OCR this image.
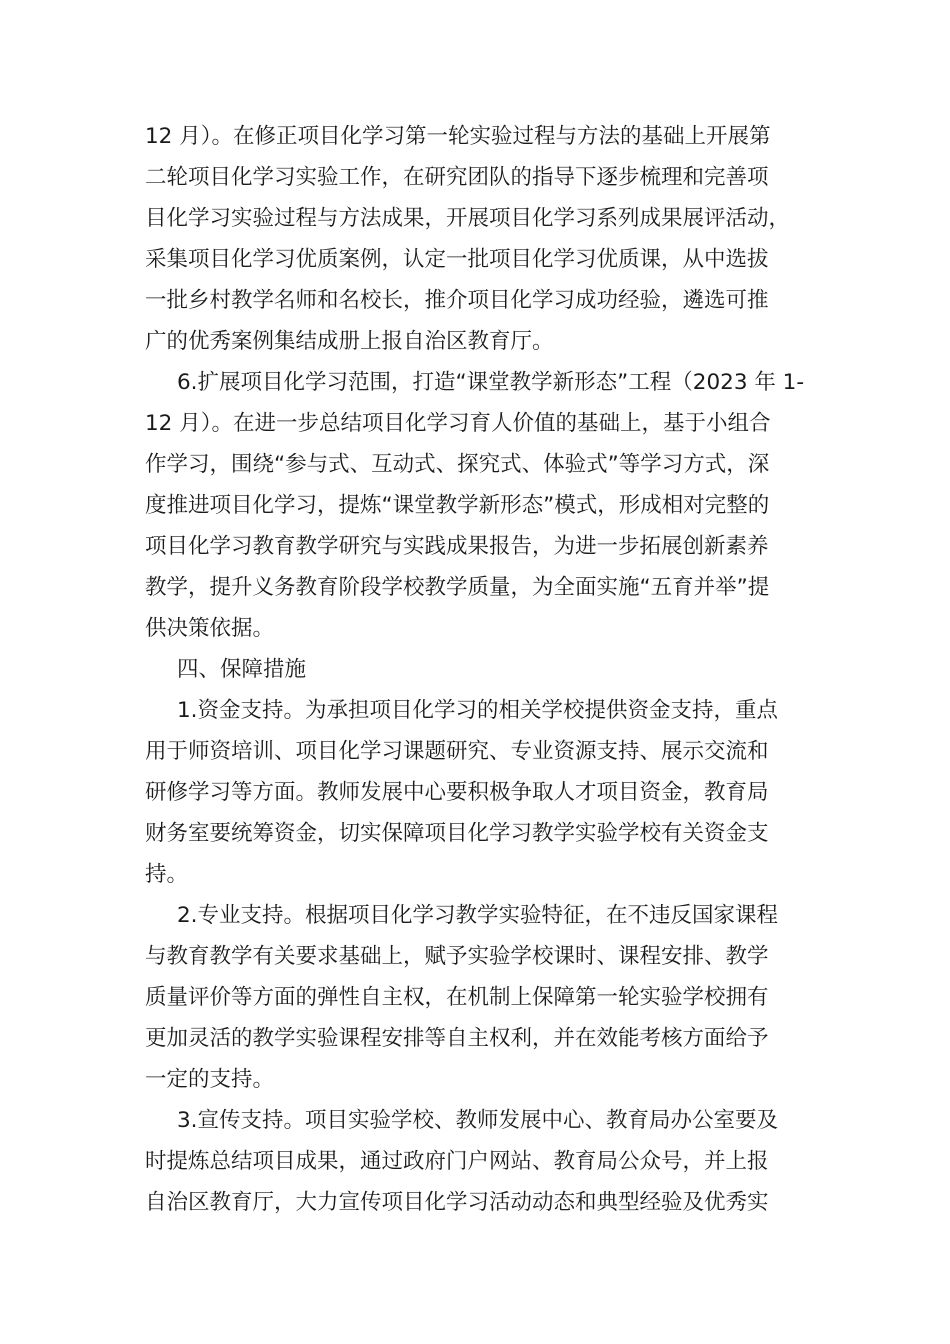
12 月）。在修正项目化学习第一轮实验过程与方法的基础上开展第
二轮项目化学习实验工作，在研究团队的指导下逐步梳理和完善项
目化学习实验过程与方法成果，开展项目化学习系列成果展评活动，
采集项目化学习优质案例，认定一批项目化学习优质课，从中选拔
一批乡村教学名师和名校长，推介项目化学习成功经验，遴选可推
广的优秀案例集结成册上报自治区教育厅。
6.扩展项目化学习范围，打造“课堂教学新形态”工程（2023 年 1-
12 月）。在进一步总结项目化学习育人价值的基础上，基于小组合
作学习，围绕“参与式、互动式、探究式、体验式”等学习方式，深
度推进项目化学习，提炼“课堂教学新形态”模式，形成相对完整的
项目化学习教育教学研究与实践成果报告，为进一步拓展创新素养
教学，提升义务教育阶段学校教学质量，为全面实施“五育并举”提
供决策依据。
四、保障措施
1.资金支持。为承担项目化学习的相关学校提供资金支持，重点
用于师资培训、项目化学习课题研究、专业资源支持、展示交流和
研修学习等方面。教师发展中心要积极争取人才项目资金，教育局
财务室要统筹资金，切实保障项目化学习教学实验学校有关资金支
持。
2.专业支持。根据项目化学习教学实验特征，在不违反国家课程
与教育教学有关要求基础上，赋予实验学校课时、课程安排、教学
质量评价等方面的弹性自主权，在机制上保障第一轮实验学校拥有
更加灵活的教学实验课程安排等自主权利，并在效能考核方面给予
一定的支持。
3.宣传支持。项目实验学校、教师发展中心、教育局办公室要及
时提炼总结项目成果，通过政府门户网站、教育局公众号，并上报
自治区教育厅，大力宣传项目化学习活动动态和典型经验及优秀实
